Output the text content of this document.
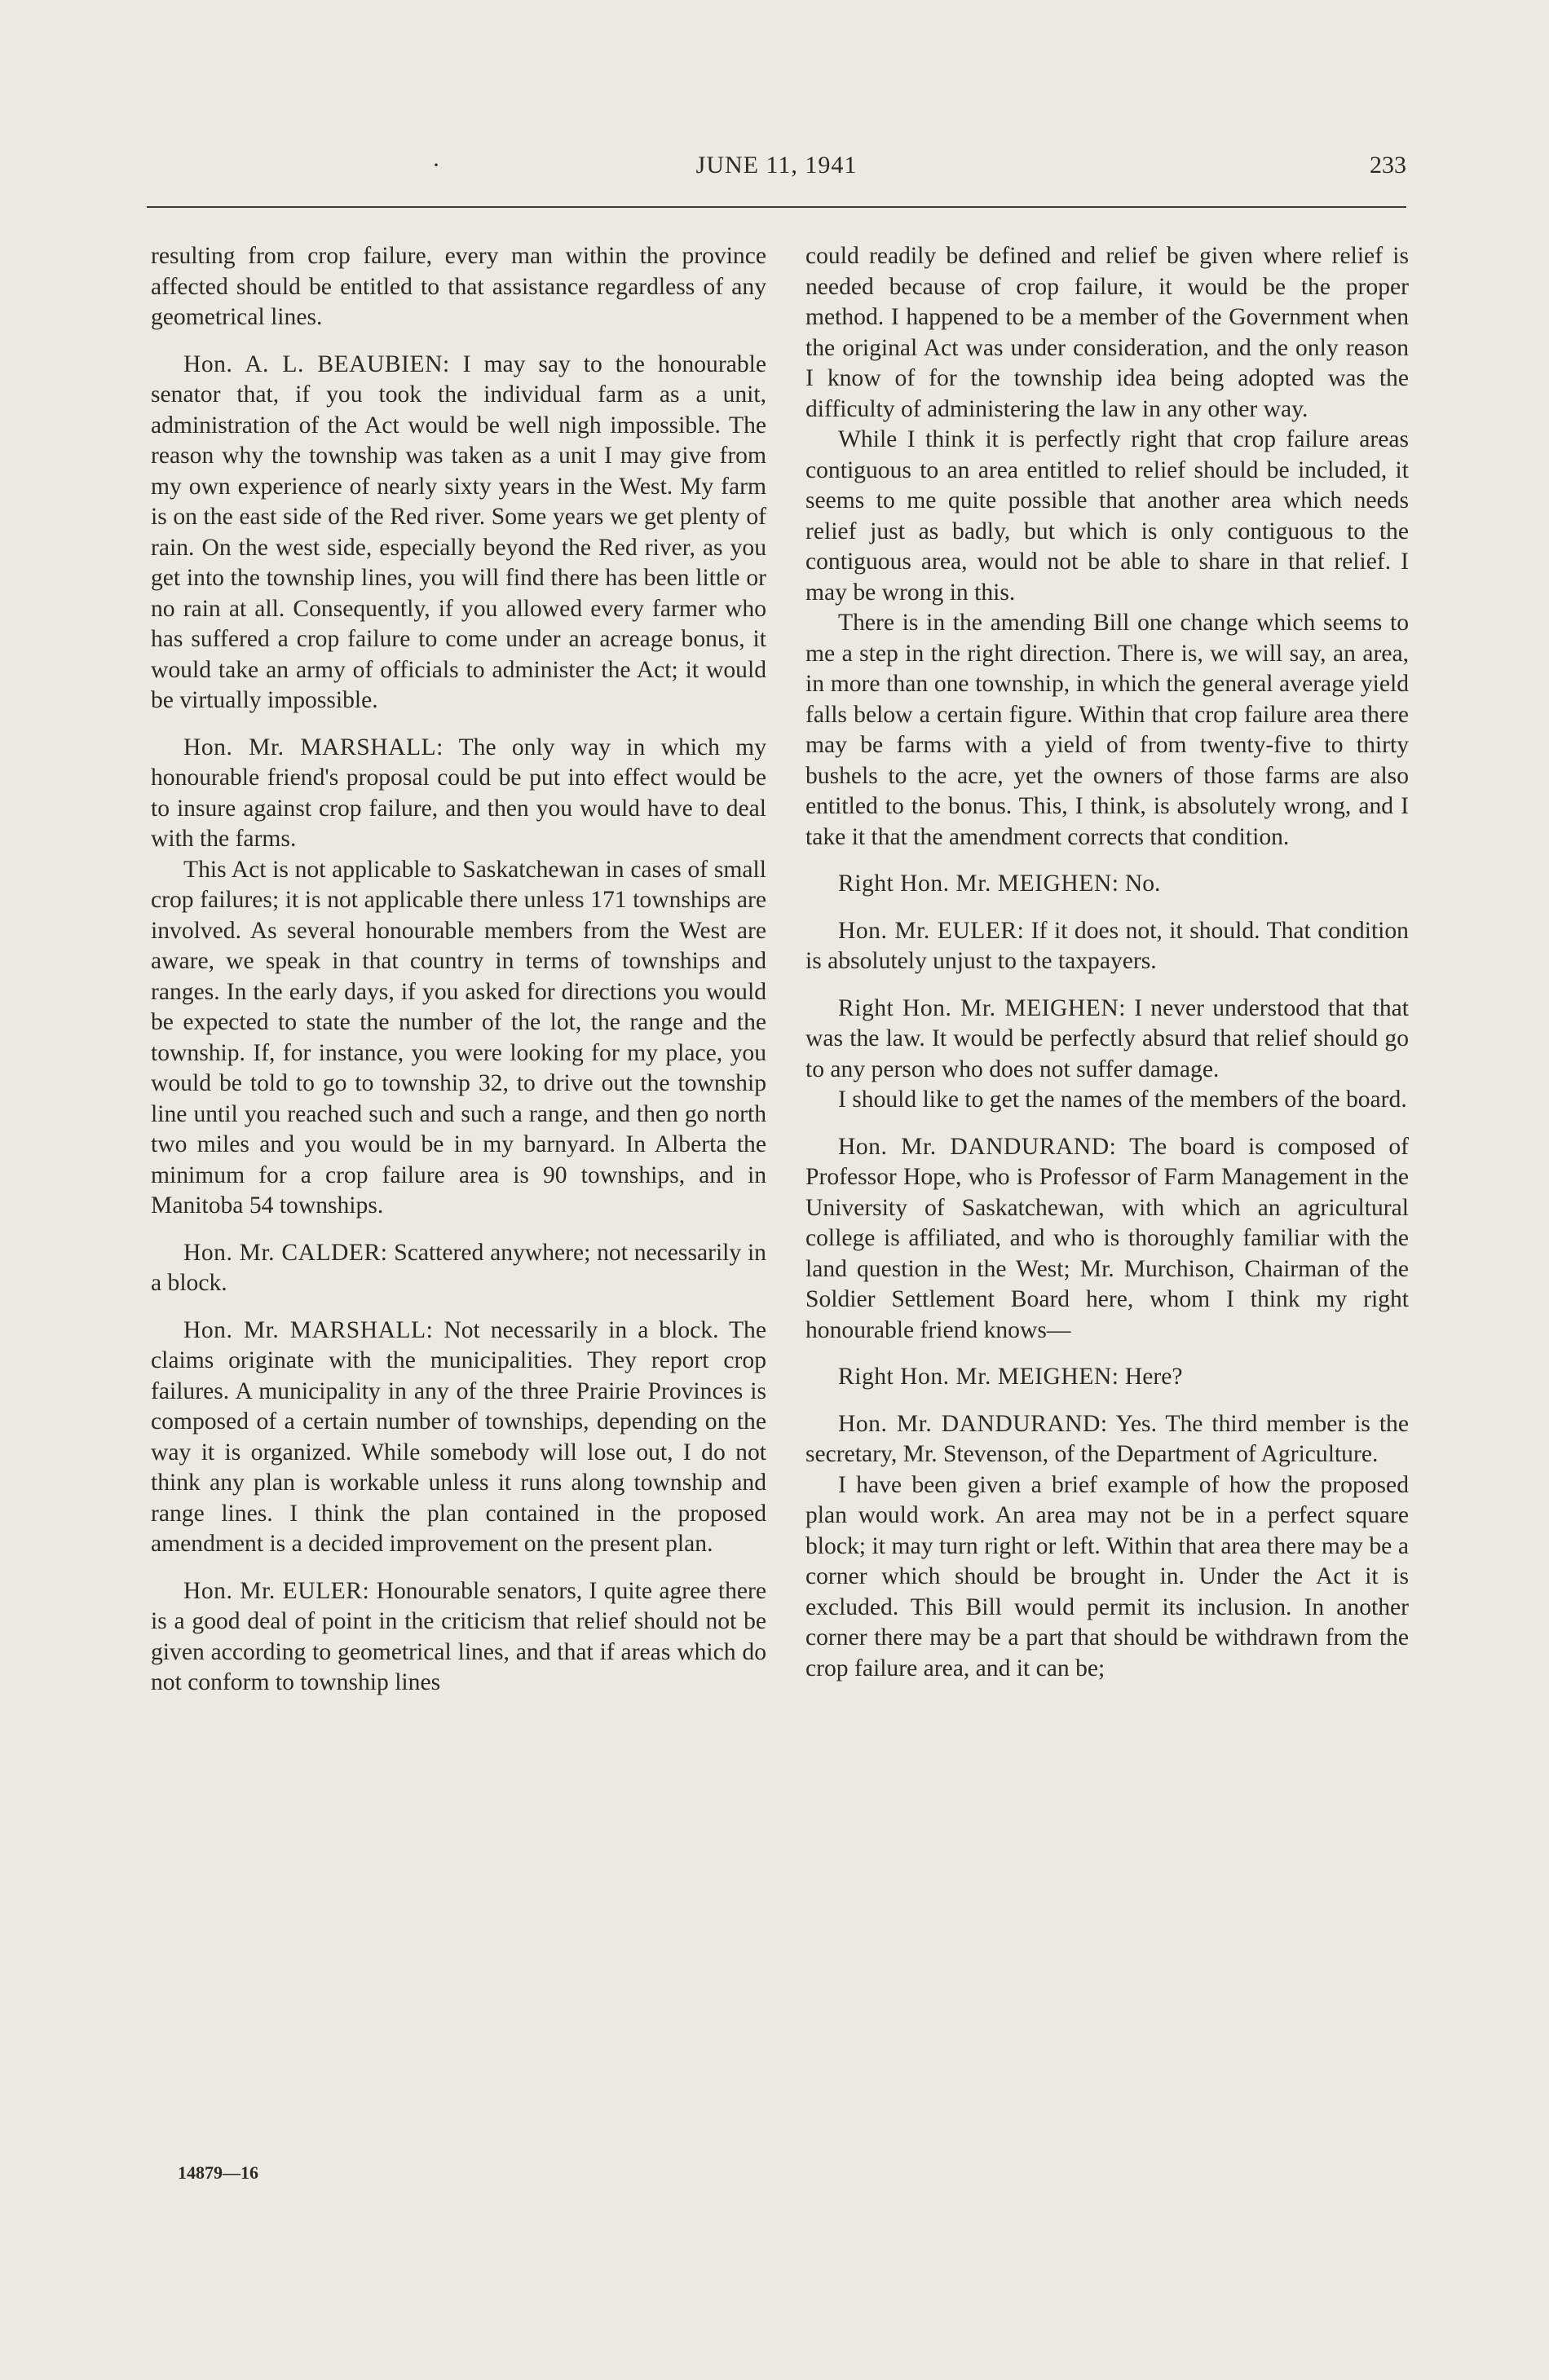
·	JUNE 11, 1941	233

resulting from crop failure, every man within the province affected should be entitled to that assistance regardless of any geometrical lines.

Hon. A. L. BEAUBIEN: I may say to the honourable senator that, if you took the individual farm as a unit, administration of the Act would be well nigh impossible. The reason why the township was taken as a unit I may give from my own experience of nearly sixty years in the West. My farm is on the east side of the Red river. Some years we get plenty of rain. On the west side, especially beyond the Red river, as you get into the township lines, you will find there has been little or no rain at all. Consequently, if you allowed every farmer who has suffered a crop failure to come under an acreage bonus, it would take an army of officials to administer the Act; it would be virtually impossible.

Hon. Mr. MARSHALL: The only way in which my honourable friend's proposal could be put into effect would be to insure against crop failure, and then you would have to deal with the farms.

This Act is not applicable to Saskatchewan in cases of small crop failures; it is not applicable there unless 171 townships are involved. As several honourable members from the West are aware, we speak in that country in terms of townships and ranges. In the early days, if you asked for directions you would be expected to state the number of the lot, the range and the township. If, for instance, you were looking for my place, you would be told to go to township 32, to drive out the township line until you reached such and such a range, and then go north two miles and you would be in my barnyard. In Alberta the minimum for a crop failure area is 90 townships, and in Manitoba 54 townships.

Hon. Mr. CALDER: Scattered anywhere; not necessarily in a block.

Hon. Mr. MARSHALL: Not necessarily in a block. The claims originate with the municipalities. They report crop failures. A municipality in any of the three Prairie Provinces is composed of a certain number of townships, depending on the way it is organized. While somebody will lose out, I do not think any plan is workable unless it runs along township and range lines. I think the plan contained in the proposed amendment is a decided improvement on the present plan.

Hon. Mr. EULER: Honourable senators, I quite agree there is a good deal of point in the criticism that relief should not be given according to geometrical lines, and that if areas which do not conform to township lines

could readily be defined and relief be given where relief is needed because of crop failure, it would be the proper method. I happened to be a member of the Government when the original Act was under consideration, and the only reason I know of for the township idea being adopted was the difficulty of administering the law in any other way.

While I think it is perfectly right that crop failure areas contiguous to an area entitled to relief should be included, it seems to me quite possible that another area which needs relief just as badly, but which is only contiguous to the contiguous area, would not be able to share in that relief. I may be wrong in this.

There is in the amending Bill one change which seems to me a step in the right direction. There is, we will say, an area, in more than one township, in which the general average yield falls below a certain figure. Within that crop failure area there may be farms with a yield of from twenty-five to thirty bushels to the acre, yet the owners of those farms are also entitled to the bonus. This, I think, is absolutely wrong, and I take it that the amendment corrects that condition.

Right Hon. Mr. MEIGHEN: No.

Hon. Mr. EULER: If it does not, it should. That condition is absolutely unjust to the taxpayers.

Right Hon. Mr. MEIGHEN: I never understood that that was the law. It would be perfectly absurd that relief should go to any person who does not suffer damage.

I should like to get the names of the members of the board.

Hon. Mr. DANDURAND: The board is composed of Professor Hope, who is Professor of Farm Management in the University of Saskatchewan, with which an agricultural college is affiliated, and who is thoroughly familiar with the land question in the West; Mr. Murchison, Chairman of the Soldier Settlement Board here, whom I think my right honourable friend knows—

Right Hon. Mr. MEIGHEN: Here?

Hon. Mr. DANDURAND: Yes. The third member is the secretary, Mr. Stevenson, of the Department of Agriculture.

I have been given a brief example of how the proposed plan would work. An area may not be in a perfect square block; it may turn right or left. Within that area there may be a corner which should be brought in. Under the Act it is excluded. This Bill would permit its inclusion. In another corner there may be a part that should be withdrawn from the crop failure area, and it can be;

14879—16
